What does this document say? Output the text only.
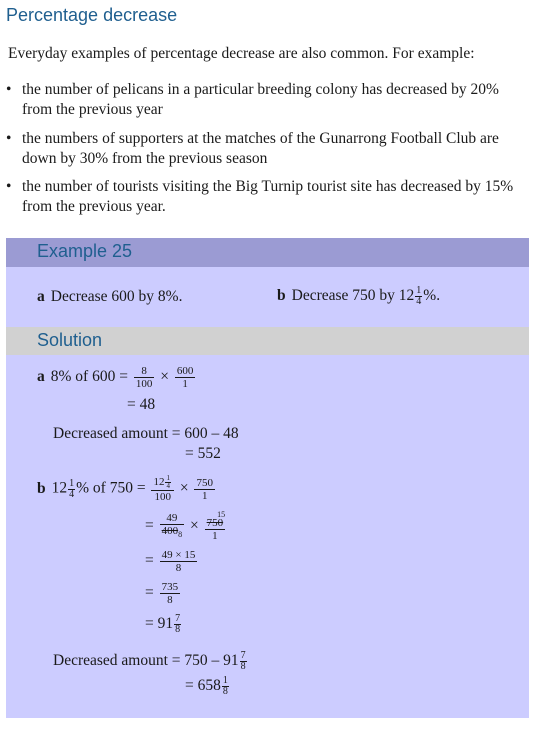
Percentage decrease
Everyday examples of percentage decrease are also common. For example:
• the number of pelicans in a particular breeding colony has decreased by 20% from the previous year
• the numbers of supporters at the matches of the Gunarrong Football Club are down by 30% from the previous season
• the number of tourists visiting the Big Turnip tourist site has decreased by 15% from the previous year.
Example 25
a Decrease 600 by 8%.	b Decrease 750 by $12 \frac{1}{4}$ %.
Solution
a 8% of $600 = \frac{8}{100} \times \frac{600}{1}$
= 48
Decreased amount = 600 – 48
= 552
b $12 \frac{1}{4}$ % of $750 = \frac{12 \frac{1}{4}}{100} \times \frac{750}{1}$
= $\frac{49}{400_8}$ ×
15
750
1
= $\frac{49 \times 15}{8}$
= $\frac{735}{8}$
= $91 \frac{7}{8}$
Decreased amount = $750 - 91 \frac{7}{8}$
= $658 \frac{1}{8}$
